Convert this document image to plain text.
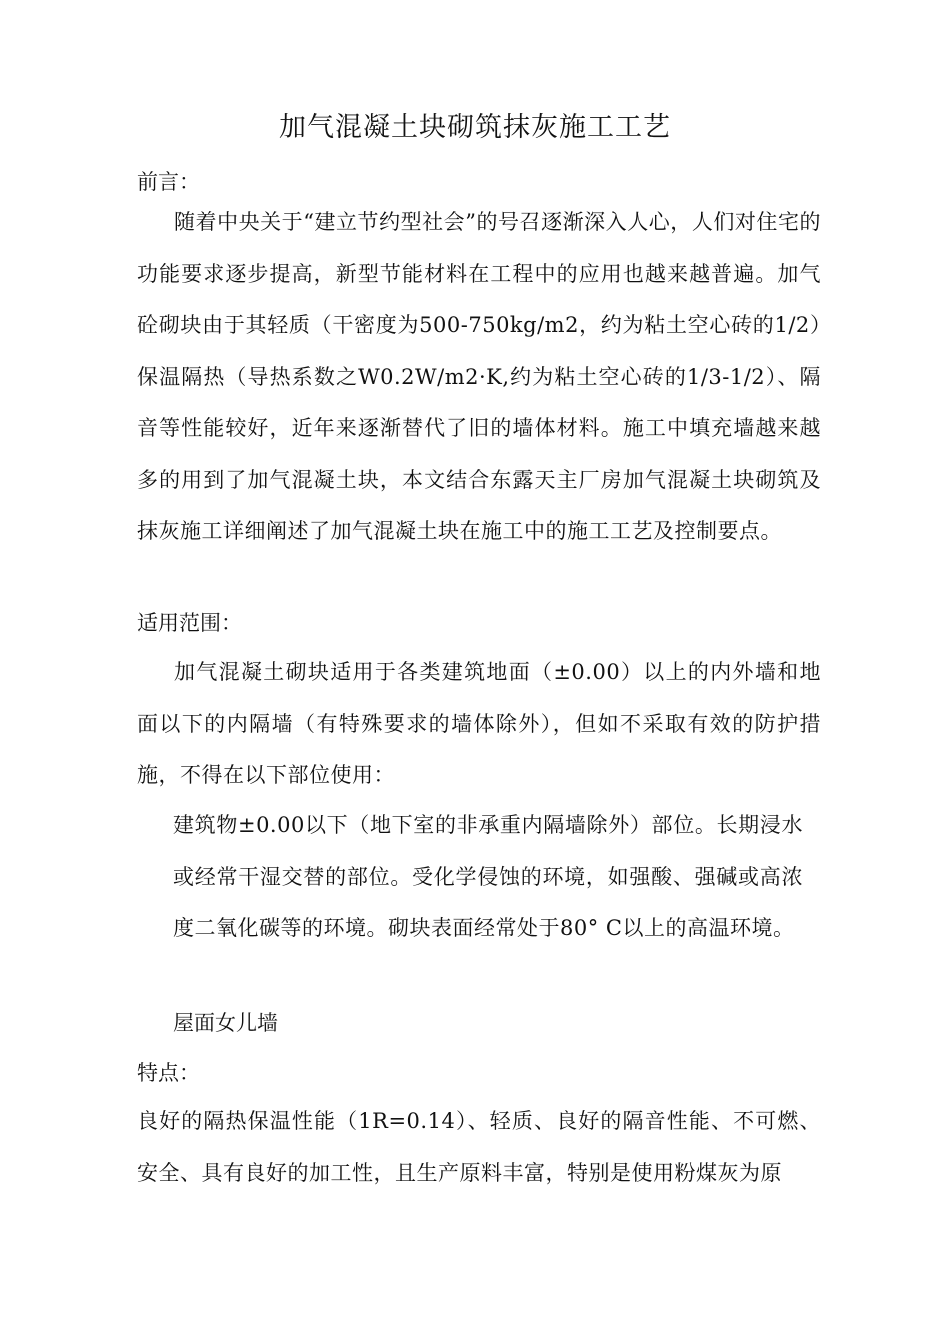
加气混凝土块砌筑抹灰施工工艺
前言：
随着中央关于“建立节约型社会”的号召逐渐深入人心，人们对住宅的功能要求逐步提高，新型节能材料在工程中的应用也越来越普遍。加气砼砌块由于其轻质（干密度为500-750kg/m2，约为粘土空心砖的1/2）保温隔热（导热系数之W0.2W/m2·K,约为粘土空心砖的1/3-1/2）、隔音等性能较好，近年来逐渐替代了旧的墙体材料。施工中填充墙越来越多的用到了加气混凝土块，本文结合东露天主厂房加气混凝土块砌筑及抹灰施工详细阐述了加气混凝土块在施工中的施工工艺及控制要点。
适用范围：
加气混凝土砌块适用于各类建筑地面（±0.00）以上的内外墙和地面以下的内隔墙（有特殊要求的墙体除外），但如不采取有效的防护措施，不得在以下部位使用：
建筑物±0.00以下（地下室的非承重内隔墙除外）部位。长期浸水或经常干湿交替的部位。受化学侵蚀的环境，如强酸、强碱或高浓度二氧化碳等的环境。砌块表面经常处于80° C以上的高温环境。
屋面女儿墙
特点：
良好的隔热保温性能（1R=0.14）、轻质、良好的隔音性能、不可燃、安全、具有良好的加工性，且生产原料丰富，特别是使用粉煤灰为原
